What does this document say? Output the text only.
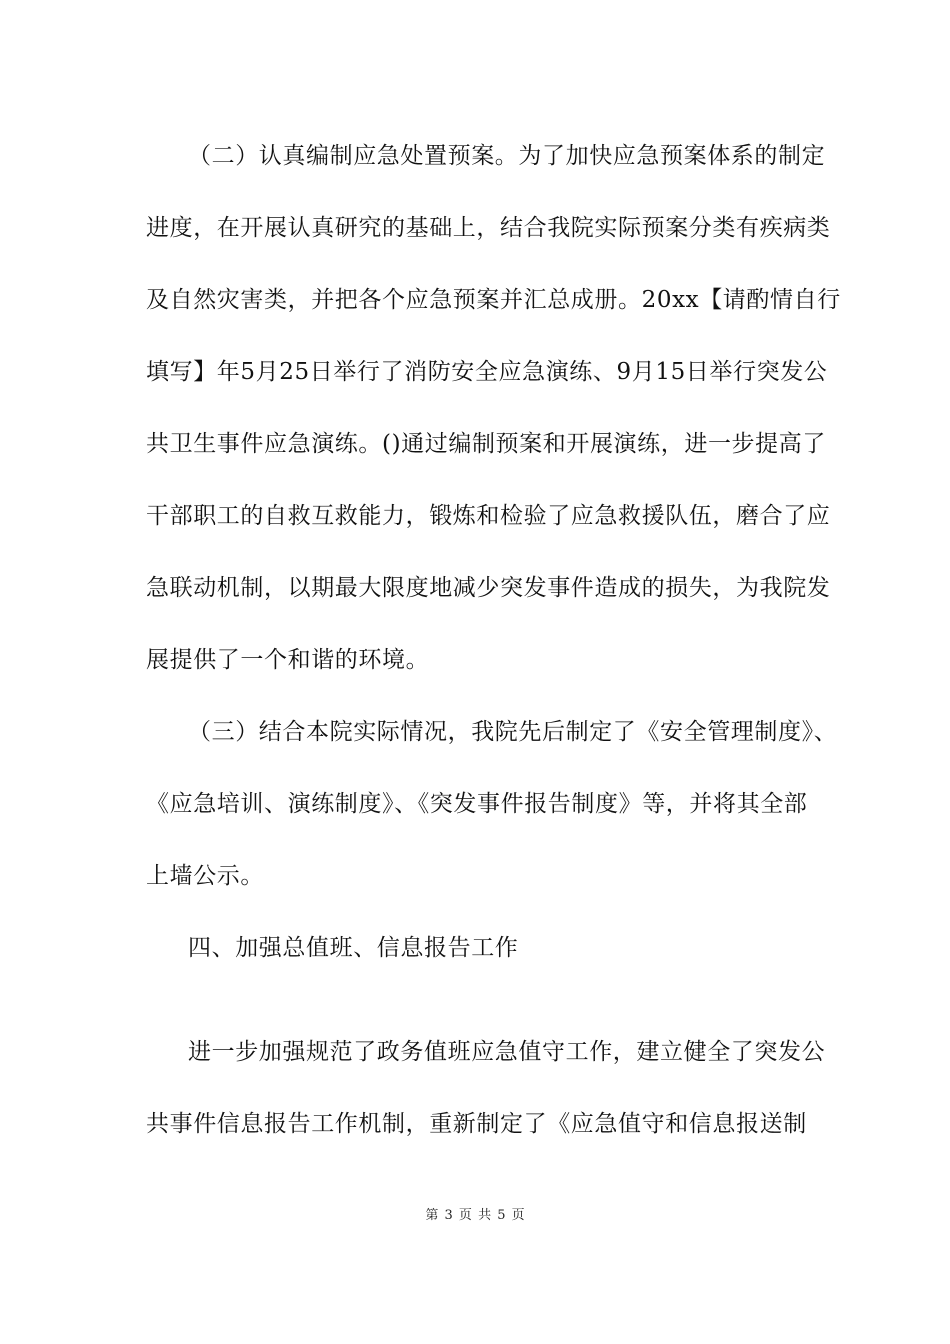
（二）认真编制应急处置预案。为了加快应急预案体系的制定
进度，在开展认真研究的基础上，结合我院实际预案分类有疾病类
及自然灾害类，并把各个应急预案并汇总成册。20xx【请酌情自行
填写】年5月25日举行了消防安全应急演练、9月15日举行突发公
共卫生事件应急演练。()通过编制预案和开展演练，进一步提高了
干部职工的自救互救能力，锻炼和检验了应急救援队伍，磨合了应
急联动机制，以期最大限度地减少突发事件造成的损失，为我院发
展提供了一个和谐的环境。
（三）结合本院实际情况，我院先后制定了《安全管理制度》、
《应急培训、演练制度》、《突发事件报告制度》等，并将其全部
上墙公示。
四、加强总值班、信息报告工作
进一步加强规范了政务值班应急值守工作，建立健全了突发公
共事件信息报告工作机制，重新制定了《应急值守和信息报送制
第 3 页 共 5 页
